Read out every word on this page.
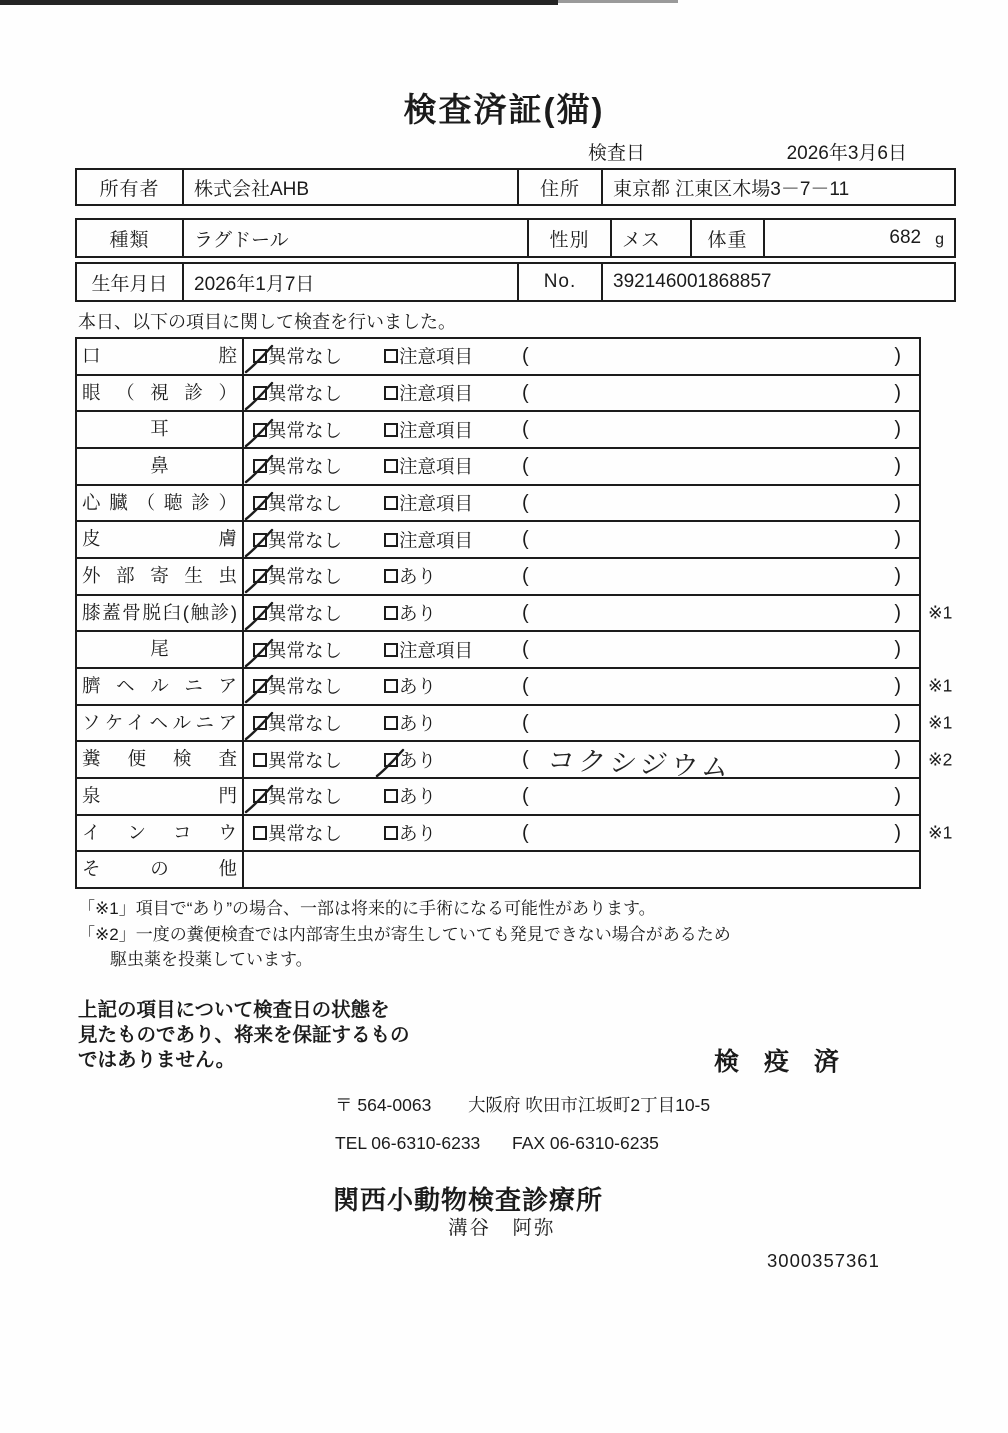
検査済証(猫)
検査日	2026年3月6日
所有者	株式会社AHB	住所	東京都 江東区木場3－7－11
種類	ラグドール	性別	メス	体重	682 g
生年月日	2026年1月7日	No.	392146001868857
本日、以下の項目に関して検査を行いました。
口腔	異常なし	注意項目 (	)
眼（視診）	異常なし	注意項目 (	)
耳	異常なし	注意項目 (	)
鼻	異常なし	注意項目 (	)
心臓（聴診）	異常なし	注意項目 (	)
皮膚	異常なし	注意項目 (	)
外部寄生虫	異常なし	あり	(	)
膝蓋骨脱臼(触診)	異常なし	あり	(	)	※1
尾	異常なし	注意項目 (	)
臍ヘルニア	異常なし	あり	(	)	※1
ソケイヘルニア	異常なし	あり	(	)	※1
糞便検査	異常なし	あり	( コクシジウム	)	※2
泉門	異常なし	あり	(	)
インコウ	異常なし	あり	(	)	※1
その他
「※1」項目で“あり”の場合、一部は将来的に手術になる可能性があります。
「※2」一度の糞便検査では内部寄生虫が寄生していても発見できない場合があるため
駆虫薬を投薬しています。
上記の項目について検査日の状態を
見たものであり、将来を保証するもの
ではありません。	検 疫 済
〒 564-0063 大阪府 吹田市江坂町2丁目10-5
TEL 06-6310-6233 FAX 06-6310-6235
関西小動物検査診療所
溝谷　阿弥
3000357361
